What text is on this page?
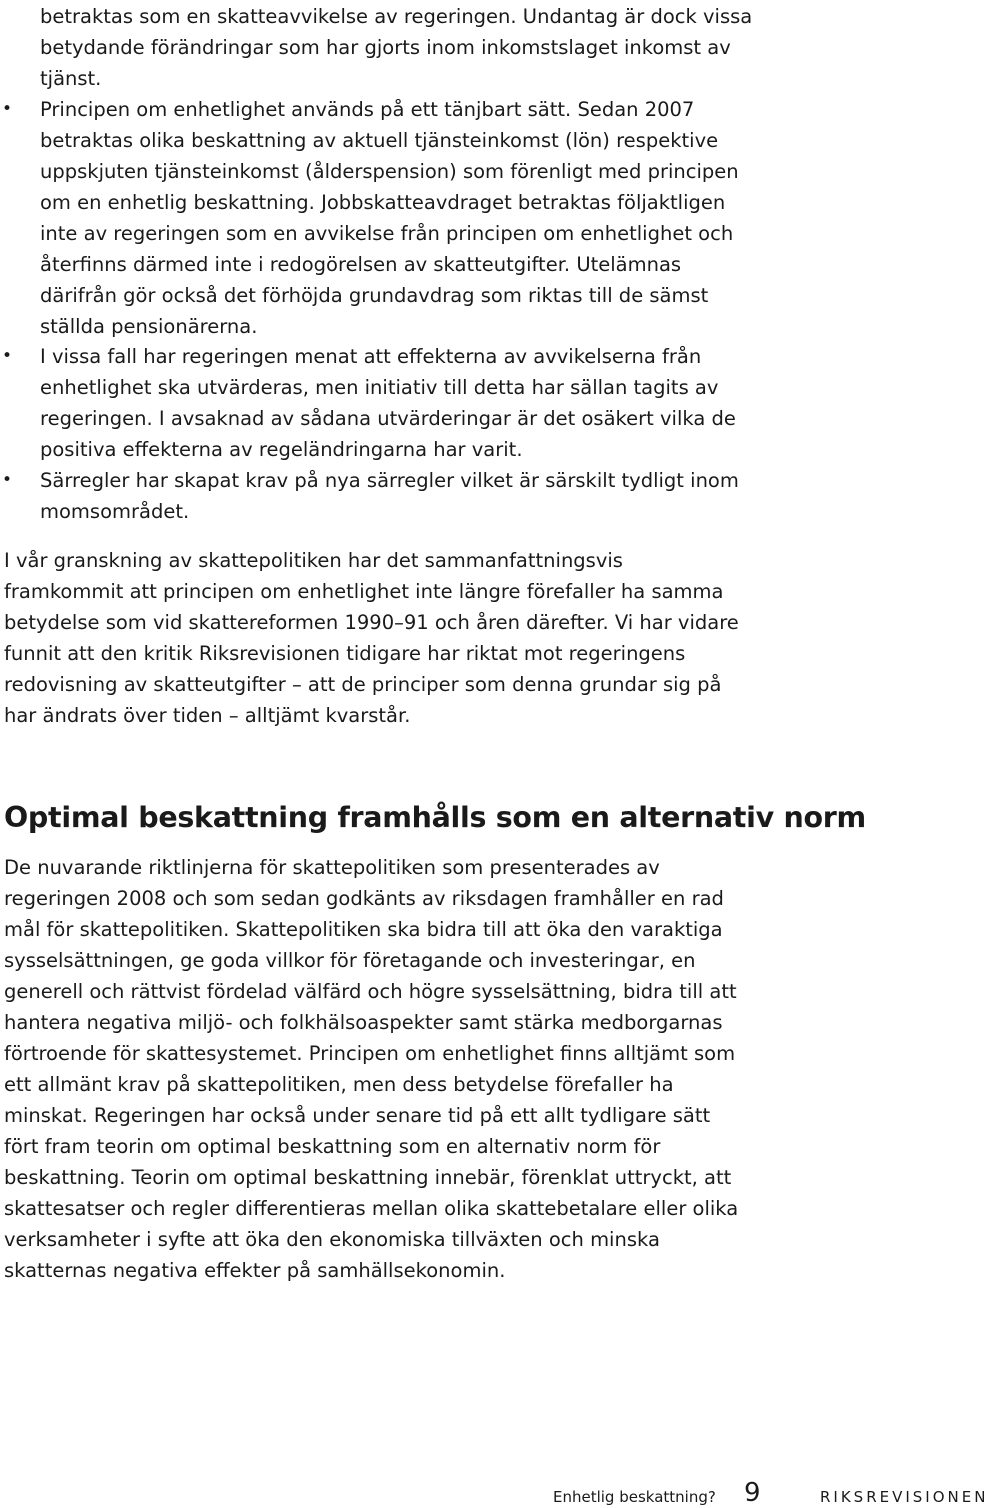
betraktas som en skatteavvikelse av regeringen. Undantag är dock vissa betydande förändringar som har gjorts inom inkomstslaget inkomst av tjänst.
• Principen om enhetlighet används på ett tänjbart sätt. Sedan 2007 betraktas olika beskattning av aktuell tjänsteinkomst (lön) respektive uppskjuten tjänsteinkomst (ålderspension) som förenligt med principen om en enhetlig beskattning. Jobbskatteavdraget betraktas följaktligen inte av regeringen som en avvikelse från principen om enhetlighet och återfinns därmed inte i redogörelsen av skatteutgifter. Utelämnas därifrån gör också det förhöjda grundavdrag som riktas till de sämst ställda pensionärerna.
• I vissa fall har regeringen menat att effekterna av avvikelserna från enhetlighet ska utvärderas, men initiativ till detta har sällan tagits av regeringen. I avsaknad av sådana utvärderingar är det osäkert vilka de positiva effekterna av regeländringarna har varit.
• Särregler har skapat krav på nya särregler vilket är särskilt tydligt inom momsområdet.

I vår granskning av skattepolitiken har det sammanfattningsvis framkommit att principen om enhetlighet inte längre förefaller ha samma betydelse som vid skattereformen 1990–91 och åren därefter. Vi har vidare funnit att den kritik Riksrevisionen tidigare har riktat mot regeringens redovisning av skatteutgifter – att de principer som denna grundar sig på har ändrats över tiden – alltjämt kvarstår.

Optimal beskattning framhålls som en alternativ norm

De nuvarande riktlinjerna för skattepolitiken som presenterades av regeringen 2008 och som sedan godkänts av riksdagen framhåller en rad mål för skattepolitiken. Skattepolitiken ska bidra till att öka den varaktiga sysselsättningen, ge goda villkor för företagande och investeringar, en generell och rättvist fördelad välfärd och högre sysselsättning, bidra till att hantera negativa miljö- och folkhälsoaspekter samt stärka medborgarnas förtroende för skattesystemet. Principen om enhetlighet finns alltjämt som ett allmänt krav på skattepolitiken, men dess betydelse förefaller ha minskat. Regeringen har också under senare tid på ett allt tydligare sätt fört fram teorin om optimal beskattning som en alternativ norm för beskattning. Teorin om optimal beskattning innebär, förenklat uttryckt, att skattesatser och regler differentieras mellan olika skattebetalare eller olika verksamheter i syfte att öka den ekonomiska tillväxten och minska skatternas negativa effekter på samhällsekonomin.

Enhetlig beskattning? 9	RIKSREVISIONEN
